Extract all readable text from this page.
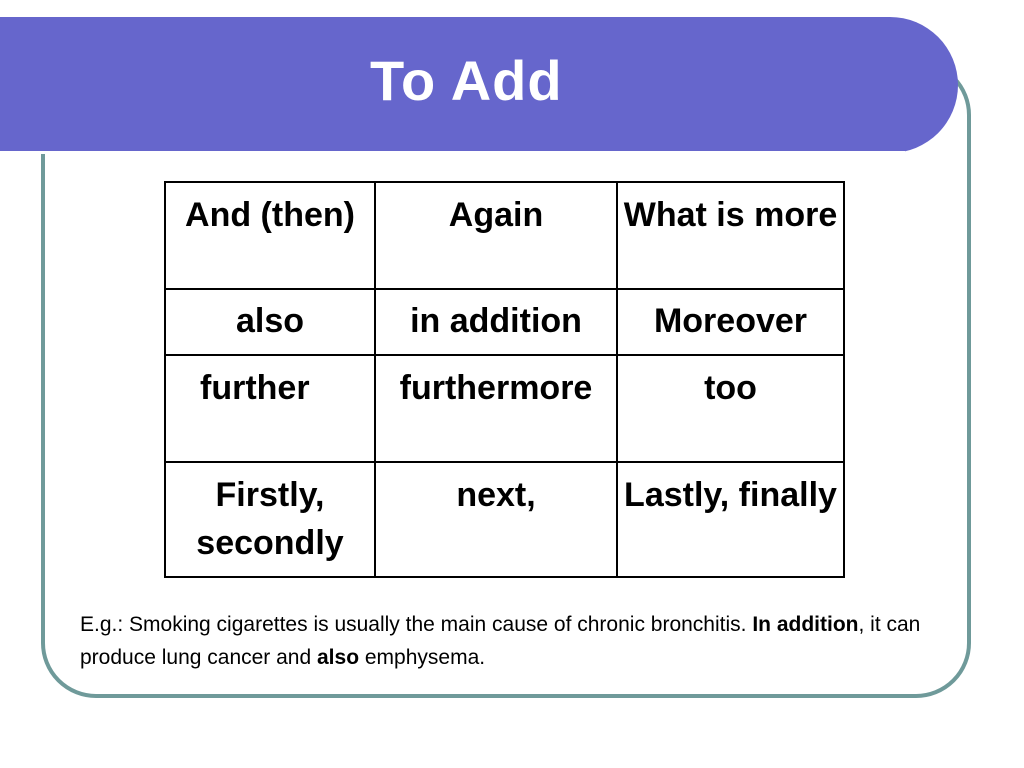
To Add
And (then)	Again	What is more
also	in addition	Moreover
further	furthermore	too
Firstly, secondly	next,	Lastly, finally

E.g.: Smoking cigarettes is usually the main cause of chronic bronchitis. In addition, it can produce lung cancer and also emphysema.
